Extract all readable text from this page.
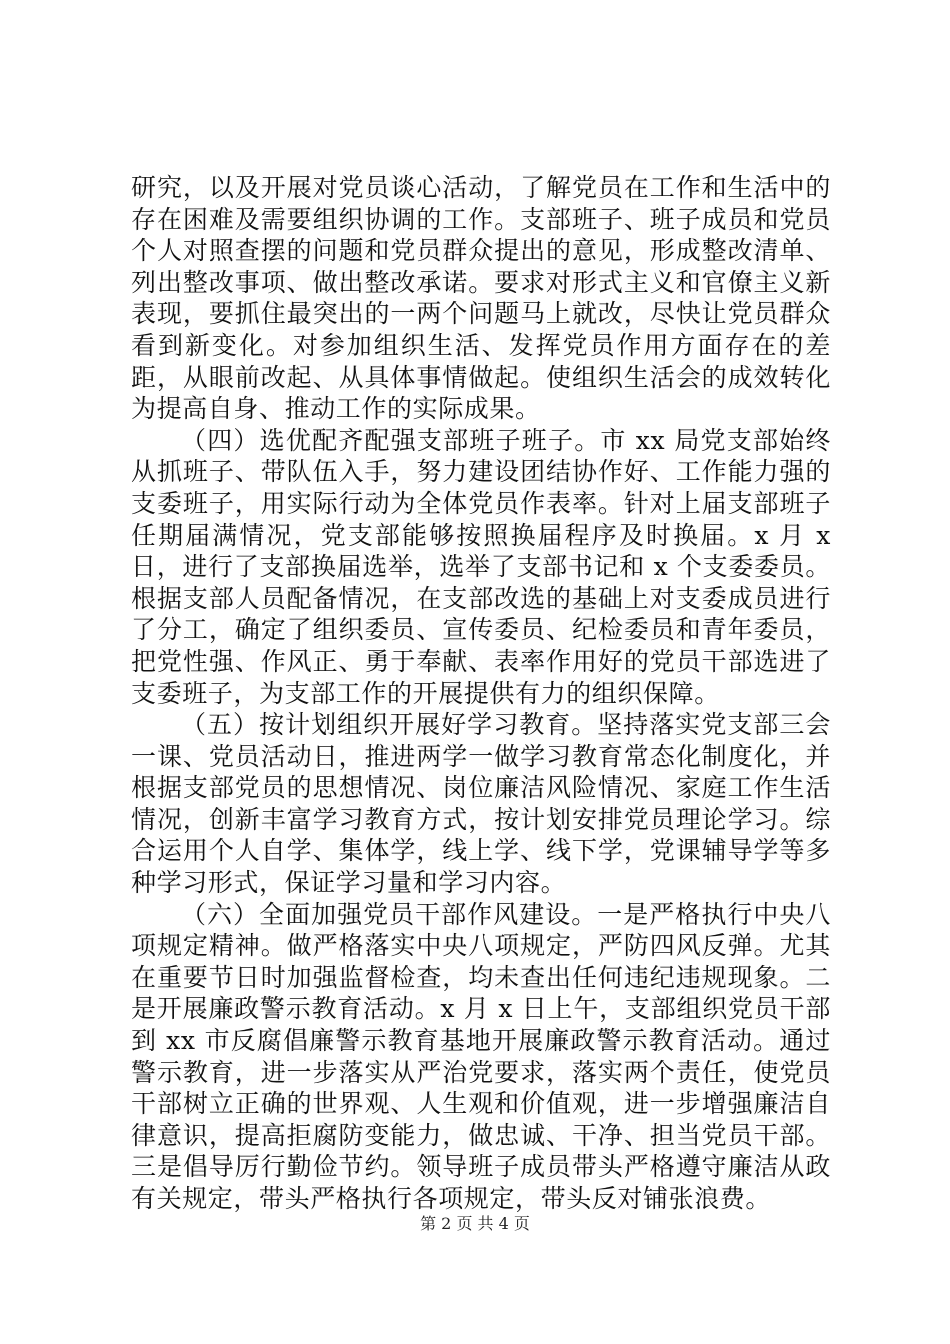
研究，以及开展对党员谈心活动，了解党员在工作和生活中的存在困难及需要组织协调的工作。支部班子、班子成员和党员个人对照查摆的问题和党员群众提出的意见，形成整改清单、列出整改事项、做出整改承诺。要求对形式主义和官僚主义新表现，要抓住最突出的一两个问题马上就改，尽快让党员群众看到新变化。对参加组织生活、发挥党员作用方面存在的差距，从眼前改起、从具体事情做起。使组织生活会的成效转化为提高自身、推动工作的实际成果。

（四）选优配齐配强支部班子班子。市 xx 局党支部始终从抓班子、带队伍入手，努力建设团结协作好、工作能力强的支委班子，用实际行动为全体党员作表率。针对上届支部班子任期届满情况，党支部能够按照换届程序及时换届。x 月 x 日，进行了支部换届选举，选举了支部书记和 x 个支委委员。根据支部人员配备情况，在支部改选的基础上对支委成员进行了分工，确定了组织委员、宣传委员、纪检委员和青年委员，把党性强、作风正、勇于奉献、表率作用好的党员干部选进了支委班子，为支部工作的开展提供有力的组织保障。

（五）按计划组织开展好学习教育。坚持落实党支部三会一课、党员活动日，推进两学一做学习教育常态化制度化，并根据支部党员的思想情况、岗位廉洁风险情况、家庭工作生活情况，创新丰富学习教育方式，按计划安排党员理论学习。综合运用个人自学、集体学，线上学、线下学，党课辅导学等多种学习形式，保证学习量和学习内容。

（六）全面加强党员干部作风建设。一是严格执行中央八项规定精神。做严格落实中央八项规定，严防四风反弹。尤其在重要节日时加强监督检查，均未查出任何违纪违规现象。二是开展廉政警示教育活动。x 月 x 日上午，支部组织党员干部到 xx 市反腐倡廉警示教育基地开展廉政警示教育活动。通过警示教育，进一步落实从严治党要求，落实两个责任，使党员干部树立正确的世界观、人生观和价值观，进一步增强廉洁自律意识，提高拒腐防变能力，做忠诚、干净、担当党员干部。三是倡导厉行勤俭节约。领导班子成员带头严格遵守廉洁从政有关规定，带头严格执行各项规定，带头反对铺张浪费。

第 2 页 共 4 页
